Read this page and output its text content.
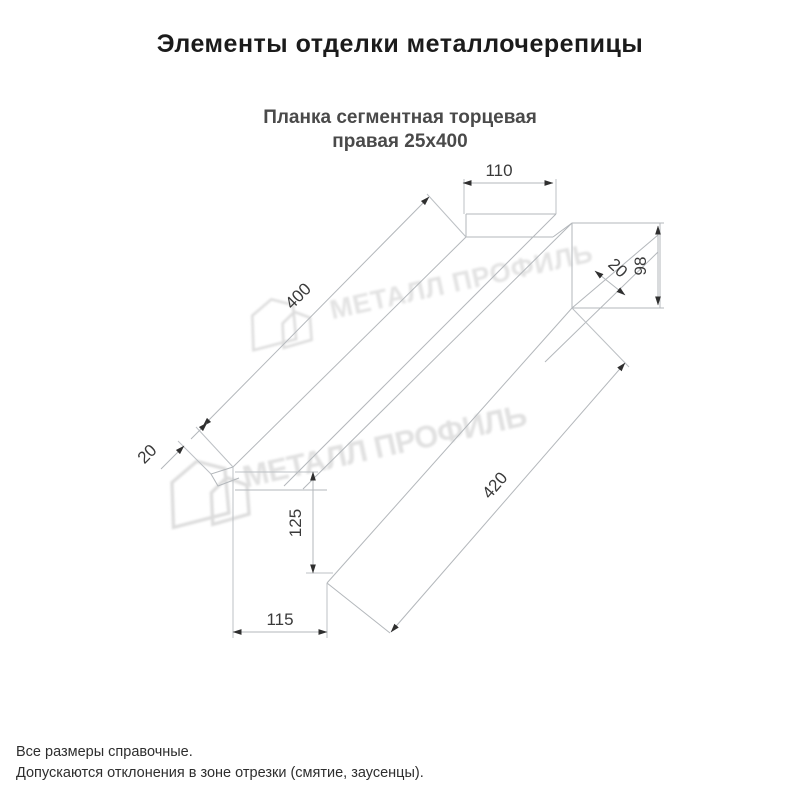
Элементы отделки металлочерепицы
Планка сегментная торцевая
правая 25x400
МЕТАЛЛ ПРОФИЛЬ
МЕТАЛЛ ПРОФИЛЬ
110
98
20
400
20
125
420
115
Все размеры справочные.
Допускаются отклонения в зоне отрезки (смятие, заусенцы).
